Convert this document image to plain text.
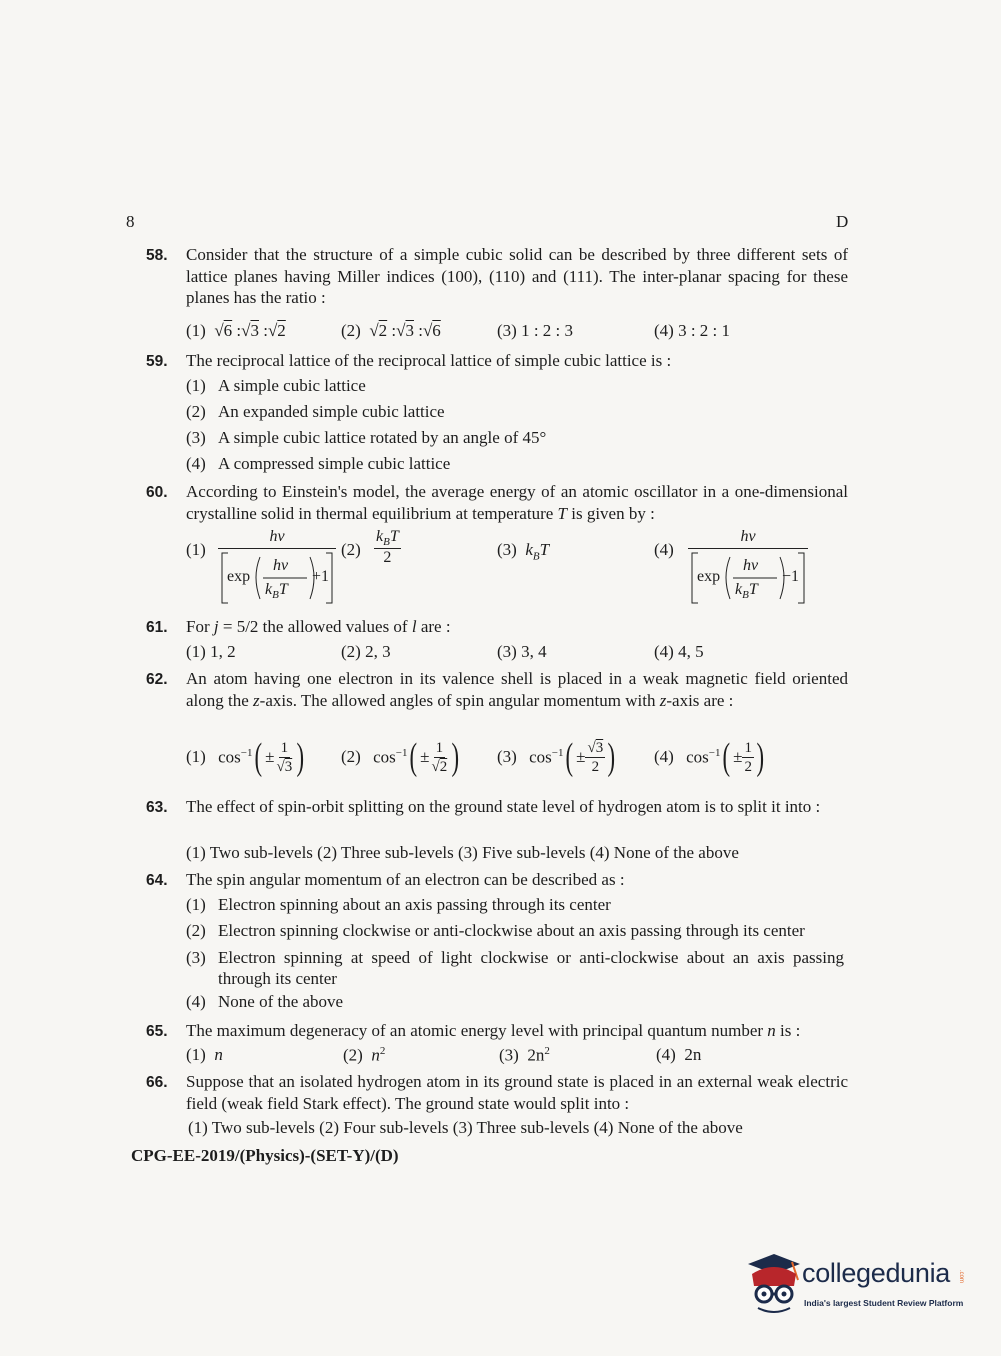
8	D
58. Consider that the structure of a simple cubic solid can be described by three different sets of lattice planes having Miller indices (100), (110) and (111). The inter-planar spacing for these planes has the ratio :
(1)  √6 :√3 :√2	(2)  √2 :√3 :√6	(3) 1 : 2 : 3	(4) 3 : 2 : 1
59. The reciprocal lattice of the reciprocal lattice of simple cubic lattice is :
(1) A simple cubic lattice
(2) An expanded simple cubic lattice
(3) A simple cubic lattice rotated by an angle of 45°
(4) A compressed simple cubic lattice
60. According to Einstein's model, the average energy of an atomic oscillator in a one-dimensional crystalline solid in thermal equilibrium at temperature T is given by :
(1)
hv
exp
hv
$k_BT$
+1
(2)
$k_BT$
2	(3) $k_BT$	(4)
hv
exp
hv
$k_BT$
−1
61. For j = 5/2 the allowed values of l are :
(1) 1, 2	(2) 2, 3	(3) 3, 4	(4) 4, 5
62. An atom having one electron in its valence shell is placed in a weak magnetic field oriented along the z-axis. The allowed angles of spin angular momentum with z-axis are :
(1) $\cos^{-1}( \pm \frac{1}{√3}$ ) (2) $\cos^{-1}( \pm \frac{1}{√2}$ ) (3) $\cos^{-1}( \pm \frac{√3}{2}$ ) (4) $\cos^{-1}( \pm \frac{1}{2}$ )
63. The effect of spin-orbit splitting on the ground state level of hydrogen atom is to split it into :
(1) Two sub-levels (2) Three sub-levels (3) Five sub-levels (4) None of the above
64. The spin angular momentum of an electron can be described as :
(1) Electron spinning about an axis passing through its center
(2) Electron spinning clockwise or anti-clockwise about an axis passing through its center
(3) Electron spinning at speed of light clockwise or anti-clockwise about an axis passing through its center
(4) None of the above
65. The maximum degeneracy of an atomic energy level with principal quantum number n is :
(1) n	(2) $n^2$	(3) $2n^2$	(4) 2n
66. Suppose that an isolated hydrogen atom in its ground state is placed in an external weak electric field (weak field Stark effect). The ground state would split into :
(1) Two sub-levels (2) Four sub-levels (3) Three sub-levels (4) None of the above
CPG-EE-2019/(Physics)-(SET-Y)/(D)
collegedunia .com
India's largest Student Review Platform
